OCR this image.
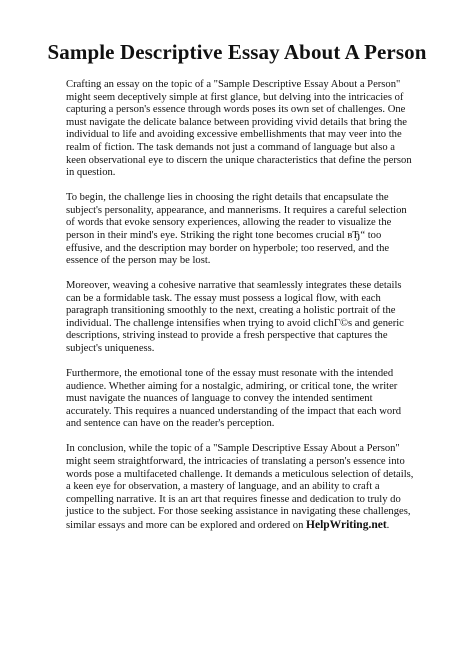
Sample Descriptive Essay About A Person

Crafting an essay on the topic of a "Sample Descriptive Essay About a Person" might seem deceptively simple at first glance, but delving into the intricacies of capturing a person's essence through words poses its own set of challenges. One must navigate the delicate balance between providing vivid details that bring the individual to life and avoiding excessive embellishments that may veer into the realm of fiction. The task demands not just a command of language but also a keen observational eye to discern the unique characteristics that define the person in question.

To begin, the challenge lies in choosing the right details that encapsulate the subject's personality, appearance, and mannerisms. It requires a careful selection of words that evoke sensory experiences, allowing the reader to visualize the person in their mind's eye. Striking the right tone becomes crucial вЂ“ too effusive, and the description may border on hyperbole; too reserved, and the essence of the person may be lost.

Moreover, weaving a cohesive narrative that seamlessly integrates these details can be a formidable task. The essay must possess a logical flow, with each paragraph transitioning smoothly to the next, creating a holistic portrait of the individual. The challenge intensifies when trying to avoid clichГ©s and generic descriptions, striving instead to provide a fresh perspective that captures the subject's uniqueness.

Furthermore, the emotional tone of the essay must resonate with the intended audience. Whether aiming for a nostalgic, admiring, or critical tone, the writer must navigate the nuances of language to convey the intended sentiment accurately. This requires a nuanced understanding of the impact that each word and sentence can have on the reader's perception.

In conclusion, while the topic of a "Sample Descriptive Essay About a Person" might seem straightforward, the intricacies of translating a person's essence into words pose a multifaceted challenge. It demands a meticulous selection of details, a keen eye for observation, a mastery of language, and an ability to craft a compelling narrative. It is an art that requires finesse and dedication to truly do justice to the subject. For those seeking assistance in navigating these challenges, similar essays and more can be explored and ordered on HelpWriting.net.
